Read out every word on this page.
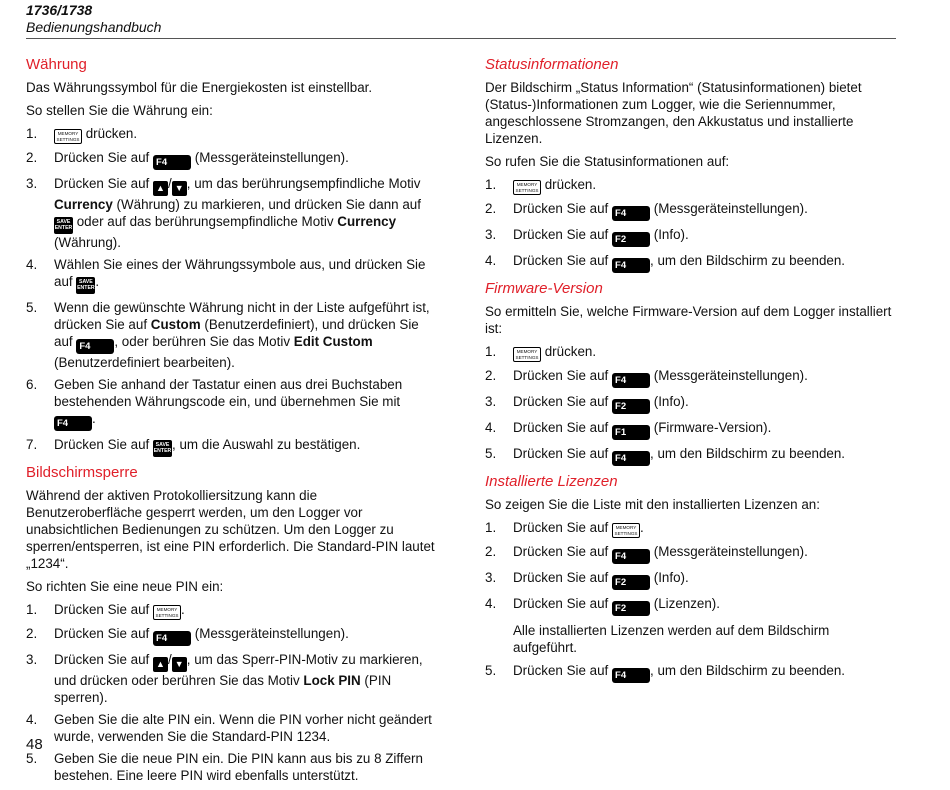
1736/1738
Bedienungshandbuch
Währung

Das Währungssymbol für die Energiekosten ist einstellbar.

So stellen Sie die Währung ein:

1.	MEMORY
SETTINGS drücken.
2. Drücken Sie auf F4 (Messgeräteinstellungen).
3. Drücken Sie auf ▲ / ▼ , um das berührungsempfindliche Motiv Currency (Währung) zu markieren, und drücken Sie dann auf SAVE
ENTER oder auf das berührungsempfindliche Motiv Currency (Währung).
4. Wählen Sie eines der Währungssymbole aus, und drücken Sie auf SAVE
ENTER.
5. Wenn die gewünschte Währung nicht in der Liste aufgeführt ist, drücken Sie auf Custom (Benutzerdefiniert), und drücken Sie auf F4 , oder berühren Sie das Motiv Edit Custom (Benutzerdefiniert bearbeiten).
6. Geben Sie anhand der Tastatur einen aus drei Buchstaben bestehenden Währungscode ein, und übernehmen Sie mit F4 .
7. Drücken Sie auf SAVE
ENTER, um die Auswahl zu bestätigen.
Bildschirmsperre

Während der aktiven Protokolliersitzung kann die Benutzeroberfläche gesperrt werden, um den Logger vor unabsichtlichen Bedienungen zu schützen. Um den Logger zu sperren/entsperren, ist eine PIN erforderlich. Die Standard-PIN lautet „1234“.

So richten Sie eine neue PIN ein:

1. Drücken Sie auf MEMORY
SETTINGS .
2. Drücken Sie auf F4 (Messgeräteinstellungen).
3. Drücken Sie auf ▲ / ▼ , um das Sperr-PIN-Motiv zu markieren, und drücken oder berühren Sie das Motiv Lock PIN (PIN sperren).
4. Geben Sie die alte PIN ein. Wenn die PIN vorher nicht geändert wurde, verwenden Sie die Standard-PIN 1234.
5. Geben Sie die neue PIN ein. Die PIN kann aus bis zu 8 Ziffern bestehen. Eine leere PIN wird ebenfalls unterstützt.
Statusinformationen

Der Bildschirm „Status Information“ (Statusinformationen) bietet (Status-)Informationen zum Logger, wie die Seriennummer, angeschlossene Stromzangen, den Akkustatus und installierte Lizenzen.

So rufen Sie die Statusinformationen auf:

1.	MEMORY
SETTINGS drücken.
2. Drücken Sie auf F4 (Messgeräteinstellungen).
3. Drücken Sie auf F2 (Info).
4. Drücken Sie auf F4 , um den Bildschirm zu beenden.
Firmware-Version

So ermitteln Sie, welche Firmware-Version auf dem Logger installiert ist:

1.	MEMORY
SETTINGS drücken.
2. Drücken Sie auf F4 (Messgeräteinstellungen).
3. Drücken Sie auf F2 (Info).
4. Drücken Sie auf F1 (Firmware-Version).
5. Drücken Sie auf F4 , um den Bildschirm zu beenden.
Installierte Lizenzen

So zeigen Sie die Liste mit den installierten Lizenzen an:

1. Drücken Sie auf MEMORY
SETTINGS .
2. Drücken Sie auf F4 (Messgeräteinstellungen).
3. Drücken Sie auf F2 (Info).
4. Drücken Sie auf F2 (Lizenzen).

Alle installierten Lizenzen werden auf dem Bildschirm aufgeführt.

5. Drücken Sie auf F4 , um den Bildschirm zu beenden.
48
